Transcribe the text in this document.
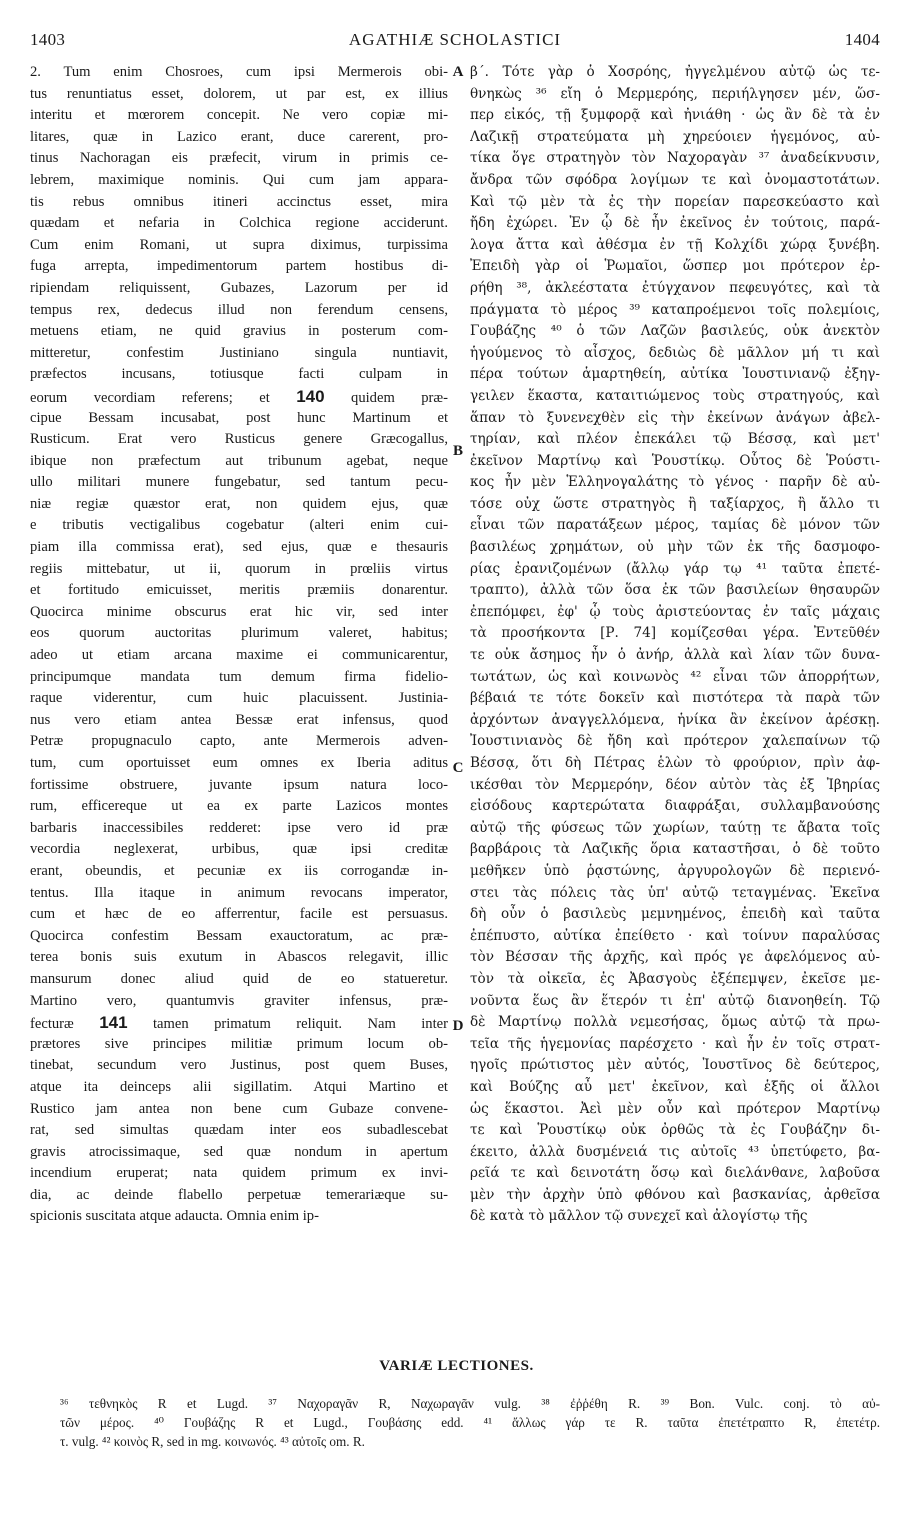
AGATHIÆ SCHOLASTICI
1403	1404
2. Tum enim Chosroes, cum ipsi Mermerois obi-
tus renuntiatus esset, dolorem, ut par est, ex illius
interitu et mœrorem concepit. Ne vero copiæ mi-
litares, quæ in Lazico erant, duce carerent, pro-
tinus Nachoragan eis præfecit, virum in primis ce-
lebrem, maximique nominis. Qui cum jam appara-
tis rebus omnibus itineri accinctus esset, mira
quædam et nefaria in Colchica regione acciderunt.
Cum enim Romani, ut supra diximus, turpissima
fuga arrepta, impedimentorum partem hostibus di-
ripiendam reliquissent, Gubazes, Lazorum per id
tempus rex, dedecus illud non ferendum censens,
metuens etiam, ne quid gravius in posterum com-
mitteretur, confestim Justiniano singula nuntiavit,
præfectos incusans, totiusque facti culpam in
eorum vecordiam referens; et 140 quidem præ-
cipue Bessam incusabat, post hunc Martinum et
Rusticum. Erat vero Rusticus genere Græcogallus,
ibique non præfectum aut tribunum agebat, neque
ullo militari munere fungebatur, sed tantum pecu-
niæ regiæ quæstor erat, non quidem ejus, quæ
e tributis vectigalibus cogebatur (alteri enim cui-
piam illa commissa erat), sed ejus, quæ e thesauris
regiis mittebatur, ut ii, quorum in prœliis virtus
et fortitudo emicuisset, meritis præmiis donarentur.
Quocirca minime obscurus erat hic vir, sed inter
eos quorum auctoritas plurimum valeret, habitus;
adeo ut etiam arcana maxime ei communicarentur,
principumque mandata tum demum firma fidelio-
raque viderentur, cum huic placuissent. Justinia-
nus vero etiam antea Bessæ erat infensus, quod
Petræ propugnaculo capto, ante Mermerois adven-
tum, cum oportuisset eum omnes ex Iberia aditus
fortissime obstruere, juvante ipsum natura loco-
rum, efficereque ut ea ex parte Lazicos montes
barbaris inaccessibiles redderet: ipse vero id præ
vecordia neglexerat, urbibus, quæ ipsi creditæ
erant, obeundis, et pecuniæ ex iis corrogandæ in-
tentus. Illa itaque in animum revocans imperator,
cum et hæc de eo afferrentur, facile est persuasus.
Quocirca confestim Bessam exauctoratum, ac præ-
terea bonis suis exutum in Abascos relegavit, illic
mansurum donec aliud quid de eo statueretur.
Martino vero, quantumvis graviter infensus, præ-
fecturæ 141 tamen primatum reliquit. Nam inter
prætores sive principes militiæ primum locum ob-
tinebat, secundum vero Justinus, post quem Buses,
atque ita deinceps alii sigillatim. Atqui Martino et
Rustico jam antea non bene cum Gubaze convene-
rat, sed simultas quædam inter eos subadlescebat
gravis atrocissimaque, sed quæ nondum in apertum
incendium eruperat; nata quidem primum ex invi-
dia, ac deinde flabello perpetuæ temerariæque su-
spicionis suscitata atque adaucta. Omnia enim ip-
β΄. Τότε γὰρ ὁ Χοσρόης, ἠγγελμένου αὐτῷ ὡς τε-
θνηκὼς ³⁶ εἴη ὁ Μερμερόης, περιήλγησεν μέν, ὥσ-
περ εἰκός, τῇ ξυμφορᾷ καὶ ἠνιάθη · ὡς ἂν δὲ τὰ ἐν
Λαζικῇ στρατεύματα μὴ χηρεύοιεν ἡγεμόνος, αὐ-
τίκα ὅγε στρατηγὸν τὸν Ναχοραγὰν ³⁷ ἀναδείκνυσιν,
ἄνδρα τῶν σφόδρα λογίμων τε καὶ ὀνομαστοτάτων.
Καὶ τῷ μὲν τὰ ἐς τὴν πορείαν παρεσκεύαστο καὶ
ἤδη ἐχώρει. Ἐν ᾧ δὲ ἦν ἐκεῖνος ἐν τούτοις, παρά-
λογα ἄττα καὶ ἀθέσμα ἐν τῇ Κολχίδι χώρᾳ ξυνέβη.
Ἐπειδὴ γὰρ οἱ Ῥωμαῖοι, ὥσπερ μοι πρότερον ἐρ-
ρήθη ³⁸, ἀκλεέστατα ἐτύγχανον πεφευγότες, καὶ τὰ
πράγματα τὸ μέρος ³⁹ καταπροέμενοι τοῖς πολεμίοις,
Γουβάζης ⁴⁰ ὁ τῶν Λαζῶν βασιλεύς, οὐκ ἀνεκτὸν
ἡγούμενος τὸ αἶσχος, δεδιὼς δὲ μᾶλλον μή τι καὶ
πέρα τούτων ἁμαρτηθείη, αὐτίκα Ἰουστινιανῷ ἐξηγ-
γειλεν ἕκαστα, καταιτιώμενος τοὺς στρατηγούς, καὶ
ἅπαν τὸ ξυνενεχθὲν εἰς τὴν ἐκείνων ἀνάγων ἀβελ-
τηρίαν, καὶ πλέον ἐπεκάλει τῷ Βέσσᾳ, καὶ μετ'
ἐκεῖνον Μαρτίνῳ καὶ Ῥουστίκῳ. Οὗτος δὲ Ῥούστι-
κος ἦν μὲν Ἑλληνογαλάτης τὸ γένος · παρῆν δὲ αὐ-
τόσε οὐχ ὥστε στρατηγὸς ἢ ταξίαρχος, ἢ ἄλλο τι
εἶναι τῶν παρατάξεων μέρος, ταμίας δὲ μόνον τῶν
βασιλέως χρημάτων, οὐ μὴν τῶν ἐκ τῆς δασμοφο-
ρίας ἐρανιζομένων (ἄλλῳ γάρ τῳ ⁴¹ ταῦτα ἐπετέ-
τραπτο), ἀλλὰ τῶν ὅσα ἐκ τῶν βασιλείων θησαυρῶν
ἐπεπόμφει, ἐφ' ᾧ τοὺς ἀριστεύοντας ἐν ταῖς μάχαις
τὰ προσήκοντα [Ρ. 74] κομίζεσθαι γέρα. Ἐντεῦθέν
τε οὐκ ἄσημος ἦν ὁ ἀνήρ, ἀλλὰ καὶ λίαν τῶν δυνα-
τωτάτων, ὡς καὶ κοινωνὸς ⁴² εἶναι τῶν ἀπορρήτων,
βέβαιά τε τότε δοκεῖν καὶ πιστότερα τὰ παρὰ τῶν
ἀρχόντων ἀναγγελλόμενα, ἡνίκα ἂν ἐκείνον ἀρέσκῃ.
Ἰουστινιανὸς δὲ ἤδη καὶ πρότερον χαλεπαίνων τῷ
Βέσσᾳ, ὅτι δὴ Πέτρας ἑλὼν τὸ φρούριον, πρὶν ἀφ-
ικέσθαι τὸν Μερμερόην, δέον αὐτὸν τὰς ἐξ Ἰβηρίας
εἰσόδους καρτερώτατα διαφράξαι, συλλαμβανούσης
αὐτῷ τῆς φύσεως τῶν χωρίων, ταύτῃ τε ἄβατα τοῖς
βαρβάροις τὰ Λαζικῆς ὅρια καταστῆσαι, ὁ δὲ τοῦτο
μεθῆκεν ὑπὸ ῥᾳστώνης, ἀργυρολογῶν δὲ περιενό-
στει τὰς πόλεις τὰς ὑπ' αὐτῷ τεταγμένας. Ἐκεῖνα
δὴ οὖν ὁ βασιλεὺς μεμνημένος, ἐπειδὴ καὶ ταῦτα
ἐπέπυστο, αὐτίκα ἐπείθετο · καὶ τοίνυν παραλύσας
τὸν Βέσσαν τῆς ἀρχῆς, καὶ πρός γε ἀφελόμενος αὐ-
τὸν τὰ οἰκεῖα, ἐς Ἀβασγοὺς ἐξέπεμψεν, ἐκεῖσε με-
νοῦντα ἕως ἂν ἕτερόν τι ἐπ' αὐτῷ διανοηθείη. Τῷ
δὲ Μαρτίνῳ πολλὰ νεμεσήσας, ὅμως αὐτῷ τὰ πρω-
τεῖα τῆς ἡγεμονίας παρέσχετο · καὶ ἦν ἐν τοῖς στρατ-
ηγοῖς πρώτιστος μὲν αὐτός, Ἰουστῖνος δὲ δεύτερος,
καὶ Βούζης αὖ μετ' ἐκεῖνον, καὶ ἑξῆς οἱ ἄλλοι
ὡς ἕκαστοι. Ἀεὶ μὲν οὖν καὶ πρότερον Μαρτίνῳ
τε καὶ Ῥουστίκῳ οὐκ ὀρθῶς τὰ ἐς Γουβάζην δι-
έκειτο, ἀλλὰ δυσμένειά τις αὐτοῖς ⁴³ ὑπετύφετο, βα-
ρεῖά τε καὶ δεινοτάτη ὅσῳ καὶ διελάνθανε, λαβοῦσα
μὲν τὴν ἀρχὴν ὑπὸ φθόνου καὶ βασκανίας, ἀρθεῖσα
δὲ κατὰ τὸ μᾶλλον τῷ συνεχεῖ καὶ ἀλογίστῳ τῆς
A
B
C
D
VARIÆ LECTIONES.
³⁶ τεθνηκὸς R et Lugd. ³⁷ Ναχοραγᾶν R, Ναχωραγᾶν vulg. ³⁸ ἐῤῥέθη R. ³⁹ Bon. Vulc. conj. τὸ αὐ-
τῶν μέρος. ⁴⁰ Γουβάζης R et Lugd., Γουβάσης edd. ⁴¹ ἄλλως γάρ τε R. ταῦτα ἐπετέτραπτο R, ἐπετέτρ.
τ. vulg. ⁴² κοινὸς R, sed in mg. κοινωνός. ⁴³ αὐτοῖς om. R.
